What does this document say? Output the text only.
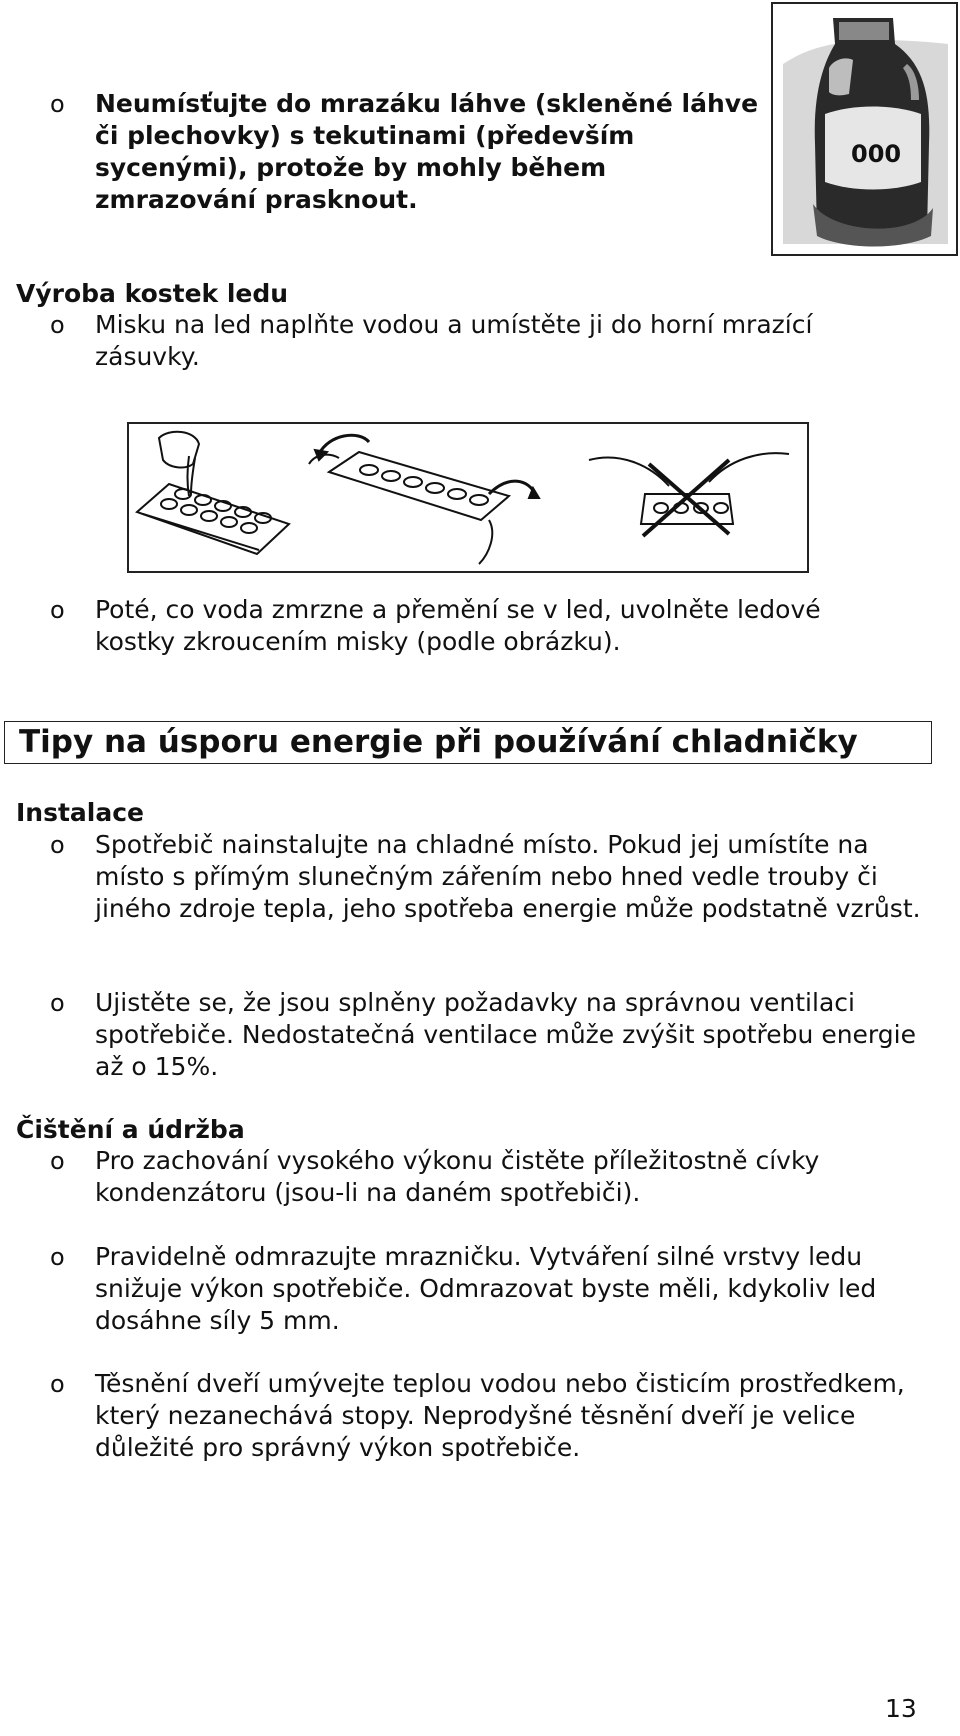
000
o Neumísťujte do mrazáku láhve (skleněné láhve či plechovky) s tekutinami (především sycenými), protože by mohly během zmrazování prasknout.
Výroba kostek ledu
o Misku na led naplňte vodou a umístěte ji do horní mrazící zásuvky.
o Poté, co voda zmrzne a přemění se v led, uvolněte ledové kostky zkroucením misky (podle obrázku).
Tipy na úsporu energie při používání chladničky
Instalace
o Spotřebič nainstalujte na chladné místo. Pokud jej umístíte na místo s přímým slunečným zářením nebo hned vedle trouby či jiného zdroje tepla, jeho spotřeba energie může podstatně vzrůst.
o Ujistěte se, že jsou splněny požadavky na správnou ventilaci spotřebiče. Nedostatečná ventilace může zvýšit spotřebu energie až o 15%.
Čištění a údržba
o Pro zachování vysokého výkonu čistěte příležitostně cívky kondenzátoru (jsou-li na daném spotřebiči).
o Pravidelně odmrazujte mrazničku. Vytváření silné vrstvy ledu snižuje výkon spotřebiče. Odmrazovat byste měli, kdykoliv led dosáhne síly 5 mm.
o Těsnění dveří umývejte teplou vodou nebo čisticím prostředkem, který nezanechává stopy. Neprodyšné těsnění dveří je velice důležité pro správný výkon spotřebiče.
13
